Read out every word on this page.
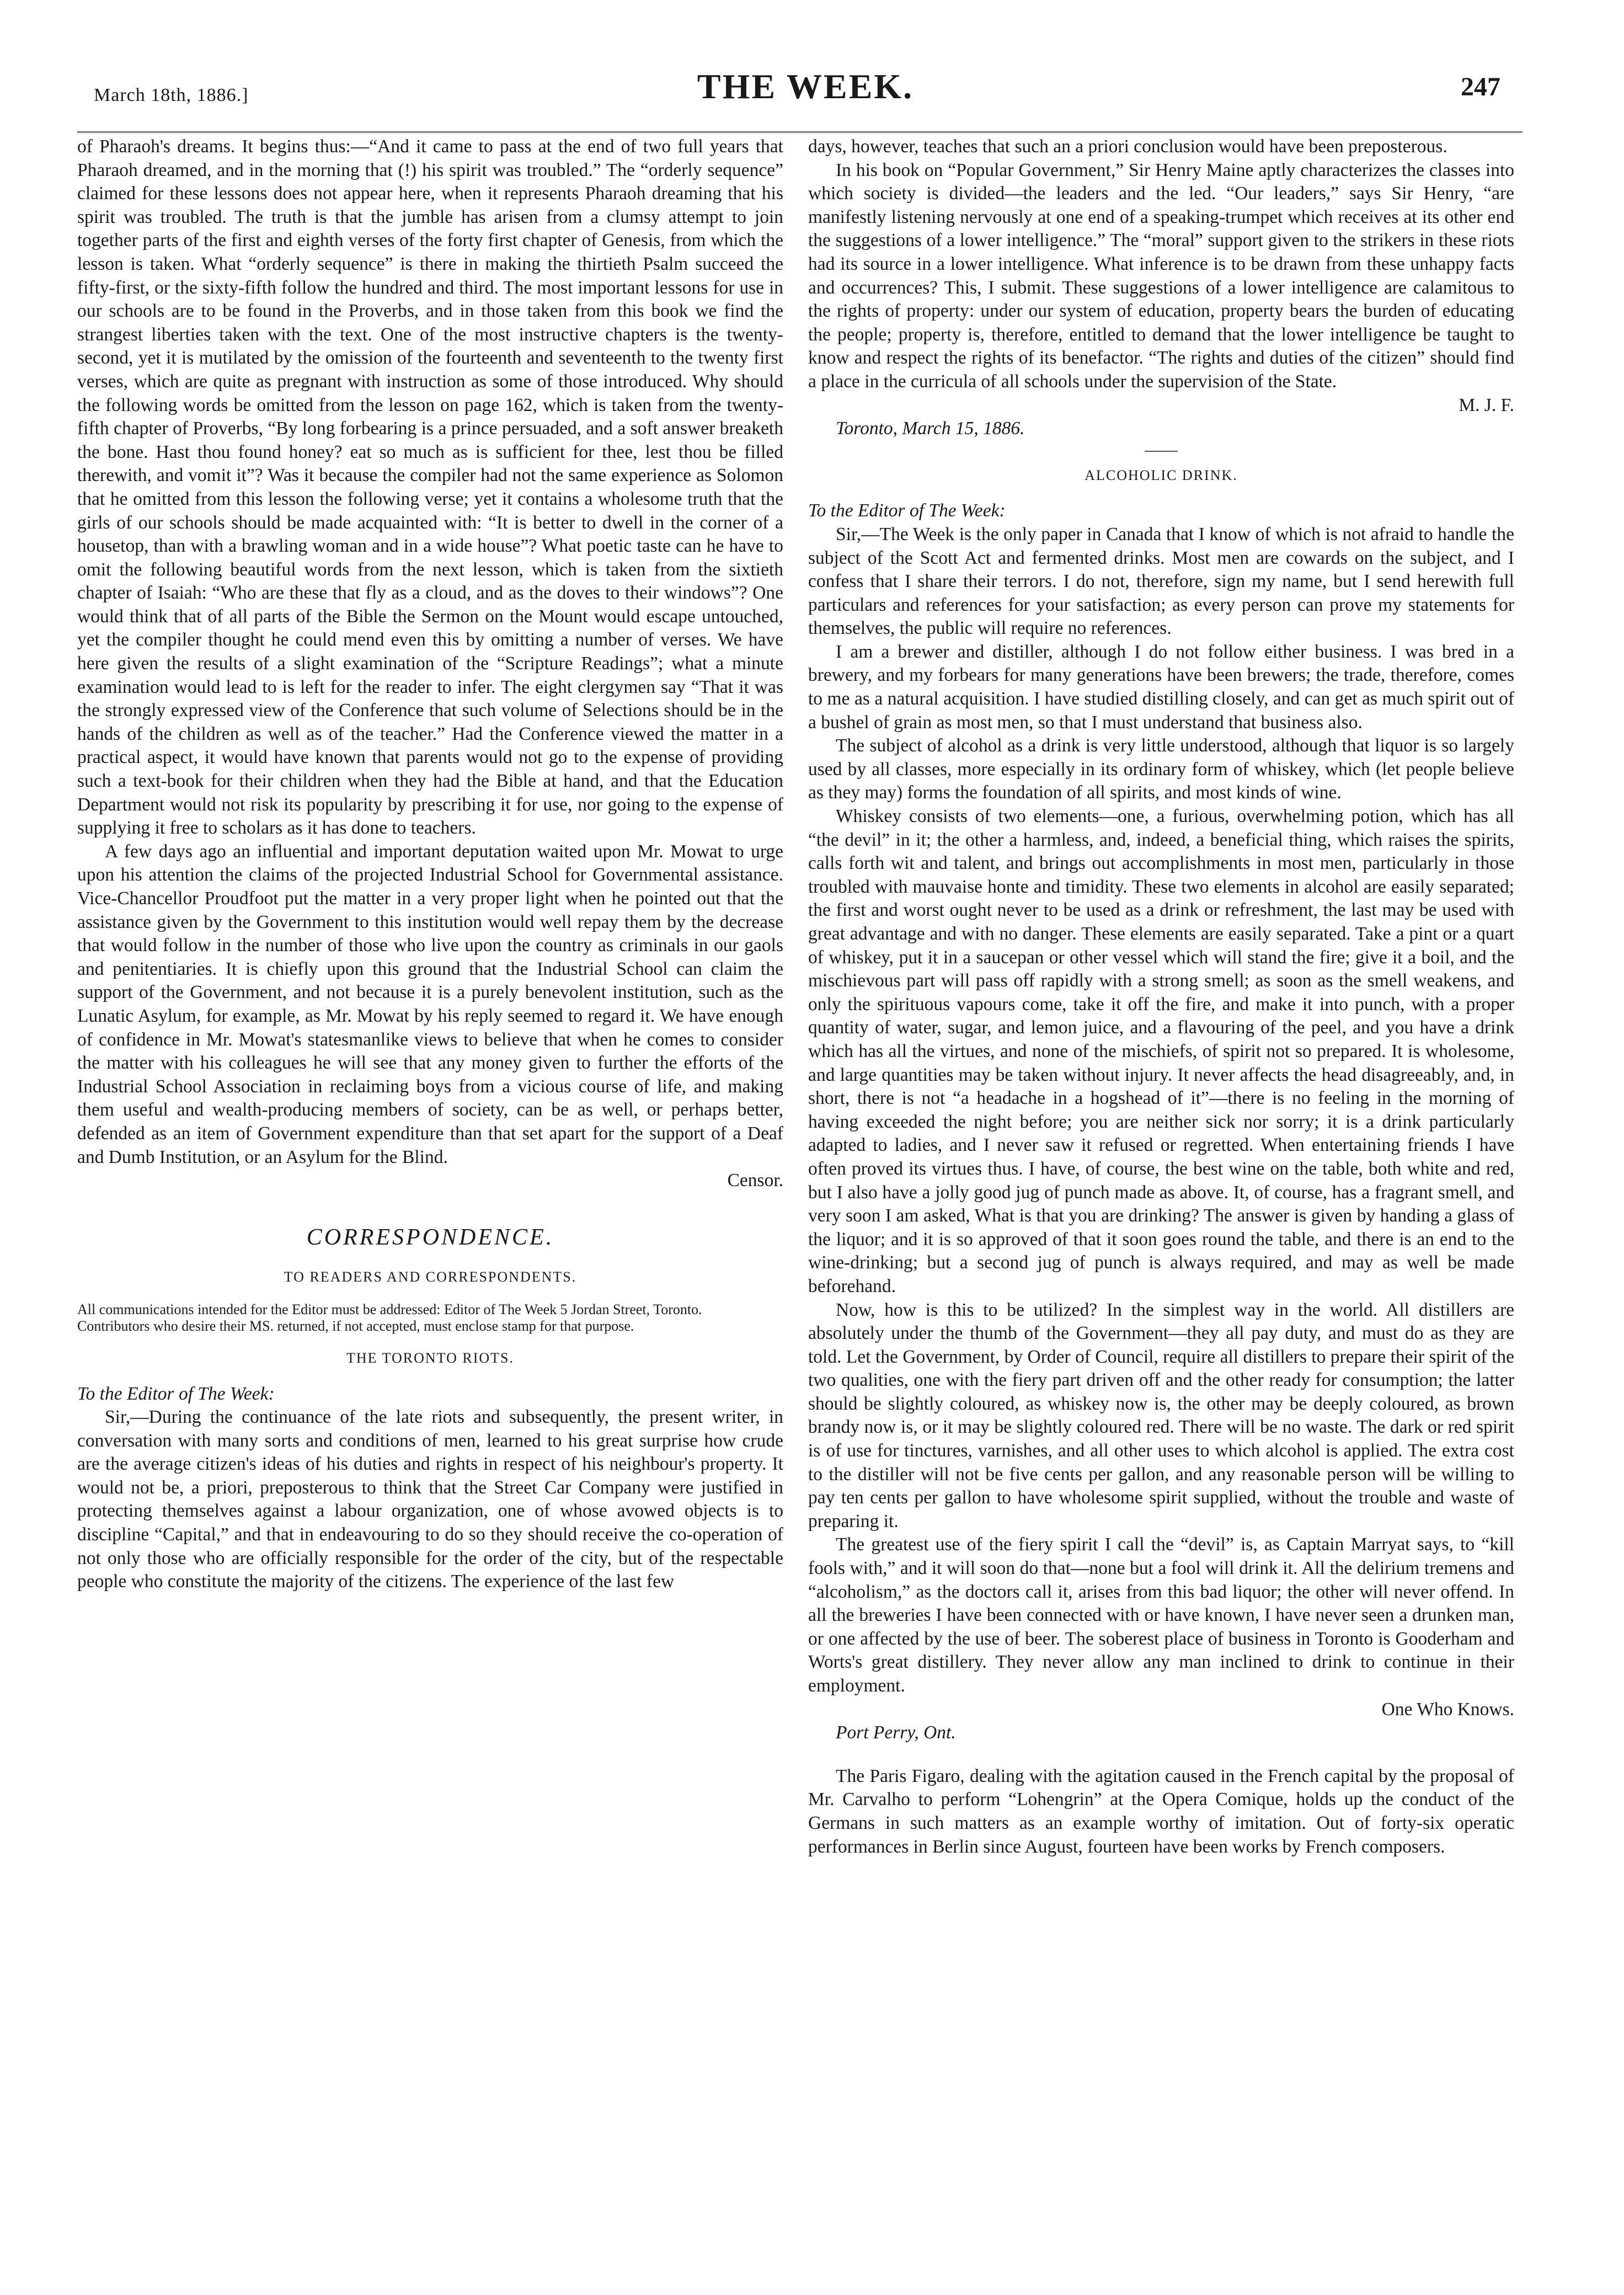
March 18th, 1886.]	THE WEEK.	247

of Pharaoh's dreams. It begins thus:—“And it came to pass at the end of two full years that Pharaoh dreamed, and in the morning that (!) his spirit was troubled.” The “orderly sequence” claimed for these lessons does not appear here, when it represents Pharaoh dreaming that his spirit was troubled. The truth is that the jumble has arisen from a clumsy attempt to join together parts of the first and eighth verses of the forty first chapter of Genesis, from which the lesson is taken. What “orderly sequence” is there in making the thirtieth Psalm succeed the fifty-first, or the sixty-fifth follow the hundred and third. The most important lessons for use in our schools are to be found in the Proverbs, and in those taken from this book we find the strangest liberties taken with the text. One of the most instructive chapters is the twenty-second, yet it is mutilated by the omission of the fourteenth and seventeenth to the twenty first verses, which are quite as pregnant with instruction as some of those introduced. Why should the following words be omitted from the lesson on page 162, which is taken from the twenty-fifth chapter of Proverbs, “By long forbearing is a prince persuaded, and a soft answer breaketh the bone. Hast thou found honey? eat so much as is sufficient for thee, lest thou be filled therewith, and vomit it”? Was it because the compiler had not the same experience as Solomon that he omitted from this lesson the following verse; yet it contains a wholesome truth that the girls of our schools should be made acquainted with: “It is better to dwell in the corner of a housetop, than with a brawling woman and in a wide house”? What poetic taste can he have to omit the following beautiful words from the next lesson, which is taken from the sixtieth chapter of Isaiah: “Who are these that fly as a cloud, and as the doves to their windows”? One would think that of all parts of the Bible the Sermon on the Mount would escape untouched, yet the compiler thought he could mend even this by omitting a number of verses. We have here given the results of a slight examination of the “Scripture Readings”; what a minute examination would lead to is left for the reader to infer. The eight clergymen say “That it was the strongly expressed view of the Conference that such volume of Selections should be in the hands of the children as well as of the teacher.” Had the Conference viewed the matter in a practical aspect, it would have known that parents would not go to the expense of providing such a text-book for their children when they had the Bible at hand, and that the Education Department would not risk its popularity by prescribing it for use, nor going to the expense of supplying it free to scholars as it has done to teachers.

A few days ago an influential and important deputation waited upon Mr. Mowat to urge upon his attention the claims of the projected Industrial School for Governmental assistance. Vice-Chancellor Proudfoot put the matter in a very proper light when he pointed out that the assistance given by the Government to this institution would well repay them by the decrease that would follow in the number of those who live upon the country as criminals in our gaols and penitentiaries. It is chiefly upon this ground that the Industrial School can claim the support of the Government, and not because it is a purely benevolent institution, such as the Lunatic Asylum, for example, as Mr. Mowat by his reply seemed to regard it. We have enough of confidence in Mr. Mowat's statesmanlike views to believe that when he comes to consider the matter with his colleagues he will see that any money given to further the efforts of the Industrial School Association in reclaiming boys from a vicious course of life, and making them useful and wealth-producing members of society, can be as well, or perhaps better, defended as an item of Government expenditure than that set apart for the support of a Deaf and Dumb Institution, or an Asylum for the Blind.

Censor.

CORRESPONDENCE.

TO READERS AND CORRESPONDENTS.

All communications intended for the Editor must be addressed: Editor of The Week 5 Jordan Street, Toronto.

Contributors who desire their MS. returned, if not accepted, must enclose stamp for that purpose.

THE TORONTO RIOTS.

To the Editor of The Week:

Sir,—During the continuance of the late riots and subsequently, the present writer, in conversation with many sorts and conditions of men, learned to his great surprise how crude are the average citizen's ideas of his duties and rights in respect of his neighbour's property. It would not be, a priori, preposterous to think that the Street Car Company were justified in protecting themselves against a labour organization, one of whose avowed objects is to discipline “Capital,” and that in endeavouring to do so they should receive the co-operation of not only those who are officially responsible for the order of the city, but of the respectable people who constitute the majority of the citizens. The experience of the last few

days, however, teaches that such an a priori conclusion would have been preposterous.

In his book on “Popular Government,” Sir Henry Maine aptly characterizes the classes into which society is divided—the leaders and the led. “Our leaders,” says Sir Henry, “are manifestly listening nervously at one end of a speaking-trumpet which receives at its other end the suggestions of a lower intelligence.” The “moral” support given to the strikers in these riots had its source in a lower intelligence. What inference is to be drawn from these unhappy facts and occurrences? This, I submit. These suggestions of a lower intelligence are calamitous to the rights of property: under our system of education, property bears the burden of educating the people; property is, therefore, entitled to demand that the lower intelligence be taught to know and respect the rights of its benefactor. “The rights and duties of the citizen” should find a place in the curricula of all schools under the supervision of the State.

M. J. F.

Toronto, March 15, 1886.

ALCOHOLIC DRINK.

To the Editor of The Week:

Sir,—The Week is the only paper in Canada that I know of which is not afraid to handle the subject of the Scott Act and fermented drinks. Most men are cowards on the subject, and I confess that I share their terrors. I do not, therefore, sign my name, but I send herewith full particulars and references for your satisfaction; as every person can prove my statements for themselves, the public will require no references.

I am a brewer and distiller, although I do not follow either business. I was bred in a brewery, and my forbears for many generations have been brewers; the trade, therefore, comes to me as a natural acquisition. I have studied distilling closely, and can get as much spirit out of a bushel of grain as most men, so that I must understand that business also.

The subject of alcohol as a drink is very little understood, although that liquor is so largely used by all classes, more especially in its ordinary form of whiskey, which (let people believe as they may) forms the foundation of all spirits, and most kinds of wine.

Whiskey consists of two elements—one, a furious, overwhelming potion, which has all “the devil” in it; the other a harmless, and, indeed, a beneficial thing, which raises the spirits, calls forth wit and talent, and brings out accomplishments in most men, particularly in those troubled with mauvaise honte and timidity. These two elements in alcohol are easily separated; the first and worst ought never to be used as a drink or refreshment, the last may be used with great advantage and with no danger. These elements are easily separated. Take a pint or a quart of whiskey, put it in a saucepan or other vessel which will stand the fire; give it a boil, and the mischievous part will pass off rapidly with a strong smell; as soon as the smell weakens, and only the spirituous vapours come, take it off the fire, and make it into punch, with a proper quantity of water, sugar, and lemon juice, and a flavouring of the peel, and you have a drink which has all the virtues, and none of the mischiefs, of spirit not so prepared. It is wholesome, and large quantities may be taken without injury. It never affects the head disagreeably, and, in short, there is not “a headache in a hogshead of it”—there is no feeling in the morning of having exceeded the night before; you are neither sick nor sorry; it is a drink particularly adapted to ladies, and I never saw it refused or regretted. When entertaining friends I have often proved its virtues thus. I have, of course, the best wine on the table, both white and red, but I also have a jolly good jug of punch made as above. It, of course, has a fragrant smell, and very soon I am asked, What is that you are drinking? The answer is given by handing a glass of the liquor; and it is so approved of that it soon goes round the table, and there is an end to the wine-drinking; but a second jug of punch is always required, and may as well be made beforehand.

Now, how is this to be utilized? In the simplest way in the world. All distillers are absolutely under the thumb of the Government—they all pay duty, and must do as they are told. Let the Government, by Order of Council, require all distillers to prepare their spirit of the two qualities, one with the fiery part driven off and the other ready for consumption; the latter should be slightly coloured, as whiskey now is, the other may be deeply coloured, as brown brandy now is, or it may be slightly coloured red. There will be no waste. The dark or red spirit is of use for tinctures, varnishes, and all other uses to which alcohol is applied. The extra cost to the distiller will not be five cents per gallon, and any reasonable person will be willing to pay ten cents per gallon to have wholesome spirit supplied, without the trouble and waste of preparing it.

The greatest use of the fiery spirit I call the “devil” is, as Captain Marryat says, to “kill fools with,” and it will soon do that—none but a fool will drink it. All the delirium tremens and “alcoholism,” as the doctors call it, arises from this bad liquor; the other will never offend. In all the breweries I have been connected with or have known, I have never seen a drunken man, or one affected by the use of beer. The soberest place of business in Toronto is Gooderham and Worts's great distillery. They never allow any man inclined to drink to continue in their employment.

One Who Knows.

Port Perry, Ont.

The Paris Figaro, dealing with the agitation caused in the French capital by the proposal of Mr. Carvalho to perform “Lohengrin” at the Opera Comique, holds up the conduct of the Germans in such matters as an example worthy of imitation. Out of forty-six operatic performances in Berlin since August, fourteen have been works by French composers.
